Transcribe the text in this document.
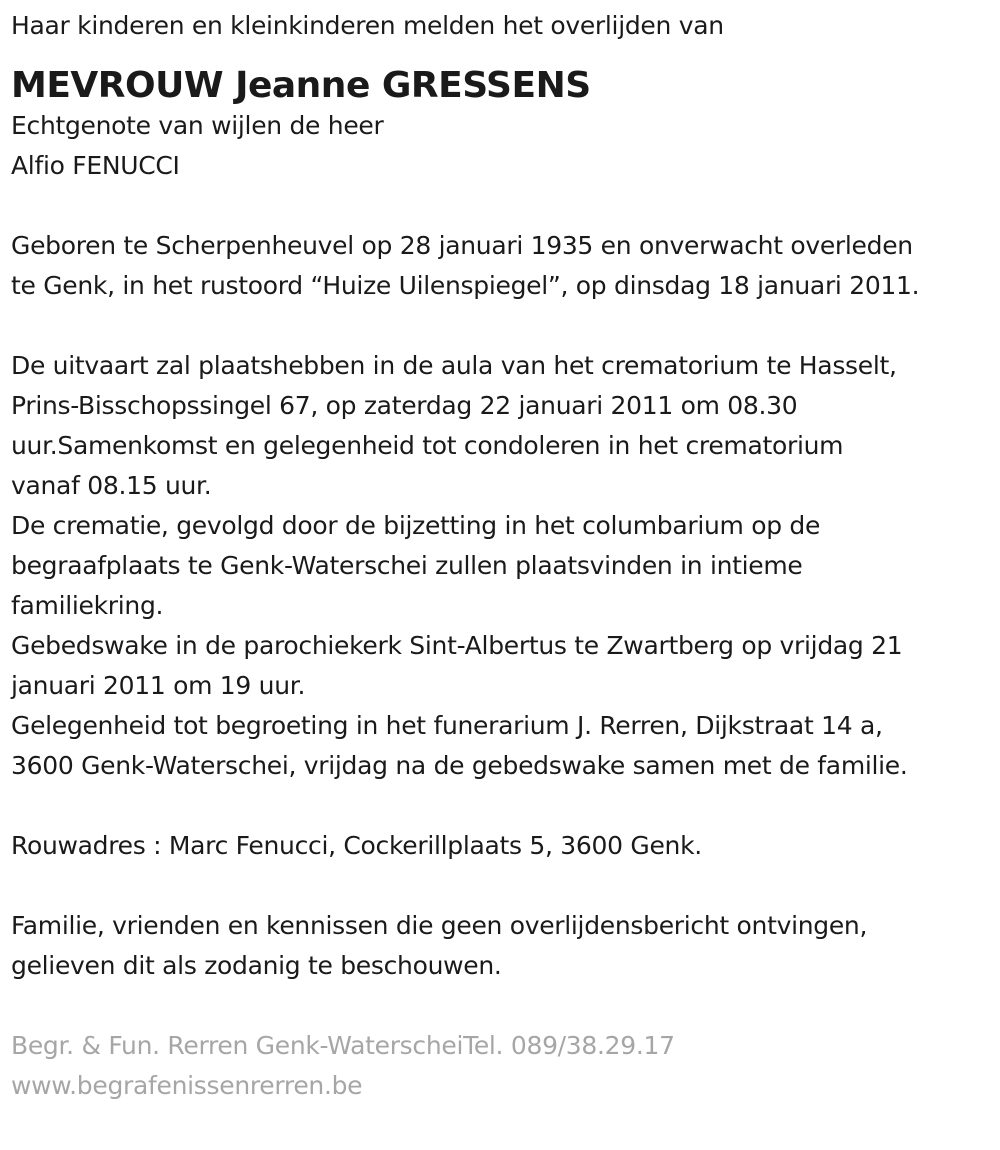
Haar kinderen en kleinkinderen melden het overlijden van
MEVROUW Jeanne GRESSENS
Echtgenote van wijlen de heer
Alfio FENUCCI
Geboren te Scherpenheuvel op 28 januari 1935 en onverwacht overleden
te Genk, in het rustoord “Huize Uilenspiegel”, op dinsdag 18 januari 2011.
De uitvaart zal plaatshebben in de aula van het crematorium te Hasselt,
Prins-Bisschopssingel 67, op zaterdag 22 januari 2011 om 08.30
uur.Samenkomst en gelegenheid tot condoleren in het crematorium
vanaf 08.15 uur.
De crematie, gevolgd door de bijzetting in het columbarium op de
begraafplaats te Genk-Waterschei zullen plaatsvinden in intieme
familiekring.
Gebedswake in de parochiekerk Sint-Albertus te Zwartberg op vrijdag 21
januari 2011 om 19 uur.
Gelegenheid tot begroeting in het funerarium J. Rerren, Dijkstraat 14 a,
3600 Genk-Waterschei, vrijdag na de gebedswake samen met de familie.
Rouwadres : Marc Fenucci, Cockerillplaats 5, 3600 Genk.
Familie, vrienden en kennissen die geen overlijdensbericht ontvingen,
gelieven dit als zodanig te beschouwen.
Begr. & Fun. Rerren Genk-WaterscheiTel. 089/38.29.17
www.begrafenissenrerren.be
